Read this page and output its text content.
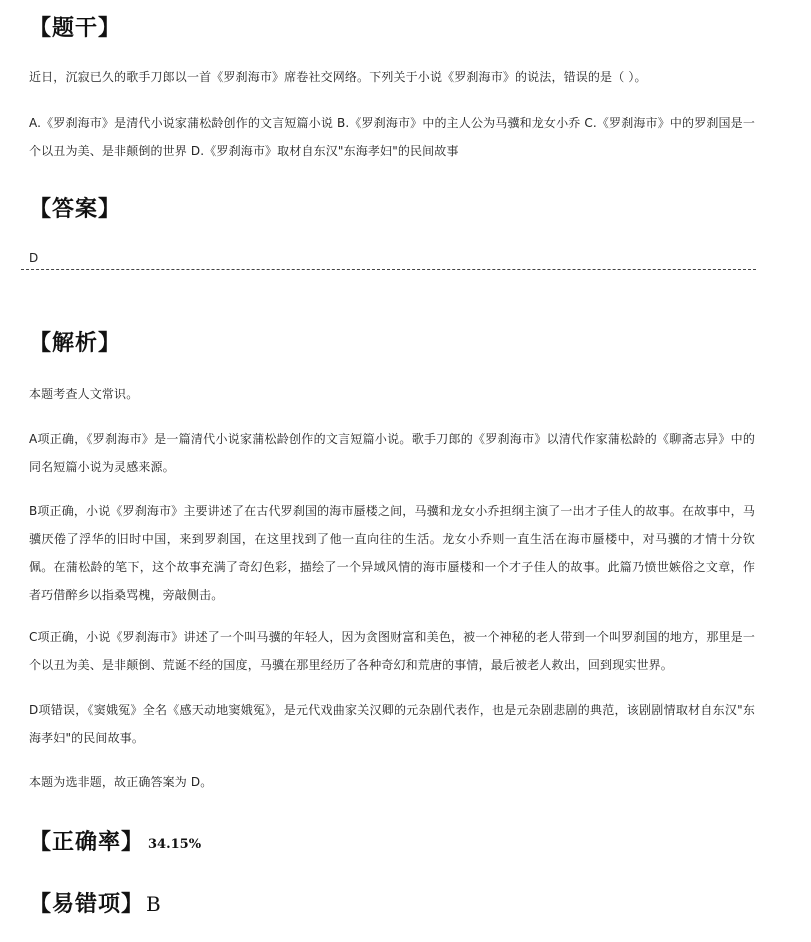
【题干】
近日，沉寂已久的歌手刀郎以一首《罗刹海市》席卷社交网络。下列关于小说《罗刹海市》的说法，错误的是（ ）。
A.《罗刹海市》是清代小说家蒲松龄创作的文言短篇小说 B.《罗刹海市》中的主人公为马骥和龙女小乔 C.《罗刹海市》中的罗刹国是一个以丑为美、是非颠倒的世界 D.《罗刹海市》取材自东汉"东海孝妇"的民间故事
【答案】
D
【解析】
本题考查人文常识。
A项正确，《罗刹海市》是一篇清代小说家蒲松龄创作的文言短篇小说。歌手刀郎的《罗刹海市》以清代作家蒲松龄的《聊斋志异》中的同名短篇小说为灵感来源。
B项正确，小说《罗刹海市》主要讲述了在古代罗刹国的海市蜃楼之间，马骥和龙女小乔担纲主演了一出才子佳人的故事。在故事中，马骥厌倦了浮华的旧时中国，来到罗刹国，在这里找到了他一直向往的生活。龙女小乔则一直生活在海市蜃楼中，对马骥的才情十分钦佩。在蒲松龄的笔下，这个故事充满了奇幻色彩，描绘了一个异域风情的海市蜃楼和一个才子佳人的故事。此篇乃愤世嫉俗之文章，作者巧借醉乡以指桑骂槐，旁敲侧击。
C项正确，小说《罗刹海市》讲述了一个叫马骥的年轻人，因为贪图财富和美色，被一个神秘的老人带到一个叫罗刹国的地方，那里是一个以丑为美、是非颠倒、荒诞不经的国度，马骥在那里经历了各种奇幻和荒唐的事情，最后被老人救出，回到现实世界。
D项错误，《窦娥冤》全名《感天动地窦娥冤》，是元代戏曲家关汉卿的元杂剧代表作，也是元杂剧悲剧的典范，该剧剧情取材自东汉"东海孝妇"的民间故事。
本题为选非题，故正确答案为 D。
【正确率】 34.15%
【易错项】 B
